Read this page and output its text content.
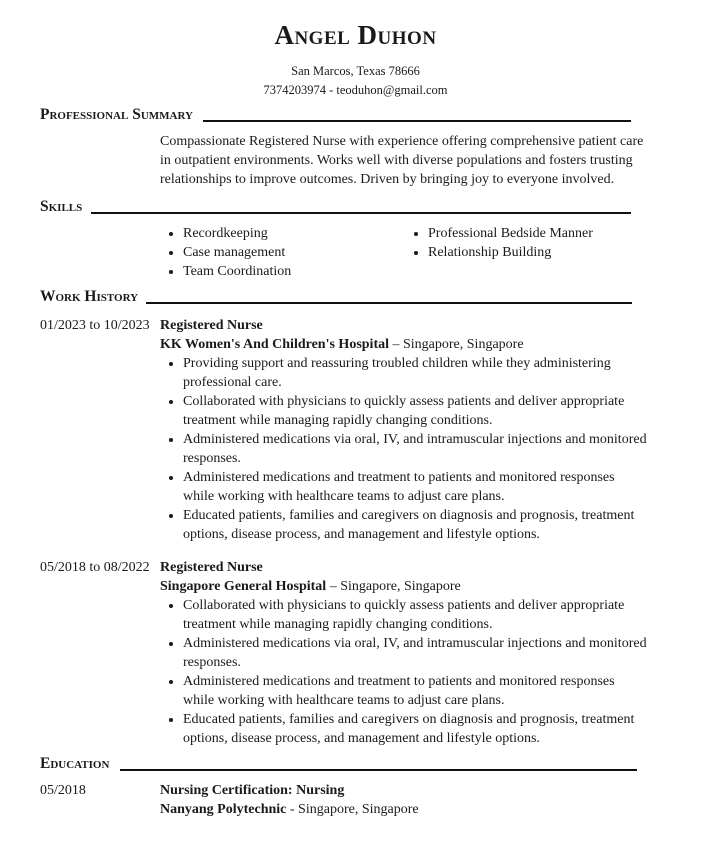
Angel Duhon
San Marcos, Texas 78666
7374203974 - teoduhon@gmail.com
Professional Summary
Compassionate Registered Nurse with experience offering comprehensive patient care
in outpatient environments. Works well with diverse populations and fosters trusting
relationships to improve outcomes. Driven by bringing joy to everyone involved.
Skills
• Recordkeeping
• Case management
• Team Coordination
• Professional Bedside Manner
• Relationship Building
Work History
01/2023 to 10/2023 Registered Nurse
KK Women's And Children's Hospital – Singapore, Singapore
• Providing support and reassuring troubled children while they administering
professional care.
• Collaborated with physicians to quickly assess patients and deliver appropriate
treatment while managing rapidly changing conditions.
• Administered medications via oral, IV, and intramuscular injections and monitored
responses.
• Administered medications and treatment to patients and monitored responses
while working with healthcare teams to adjust care plans.
• Educated patients, families and caregivers on diagnosis and prognosis, treatment
options, disease process, and management and lifestyle options.
05/2018 to 08/2022 Registered Nurse
Singapore General Hospital – Singapore, Singapore
• Collaborated with physicians to quickly assess patients and deliver appropriate
treatment while managing rapidly changing conditions.
• Administered medications via oral, IV, and intramuscular injections and monitored
responses.
• Administered medications and treatment to patients and monitored responses
while working with healthcare teams to adjust care plans.
• Educated patients, families and caregivers on diagnosis and prognosis, treatment
options, disease process, and management and lifestyle options.
Education
05/2018	Nursing Certification: Nursing
Nanyang Polytechnic - Singapore, Singapore
